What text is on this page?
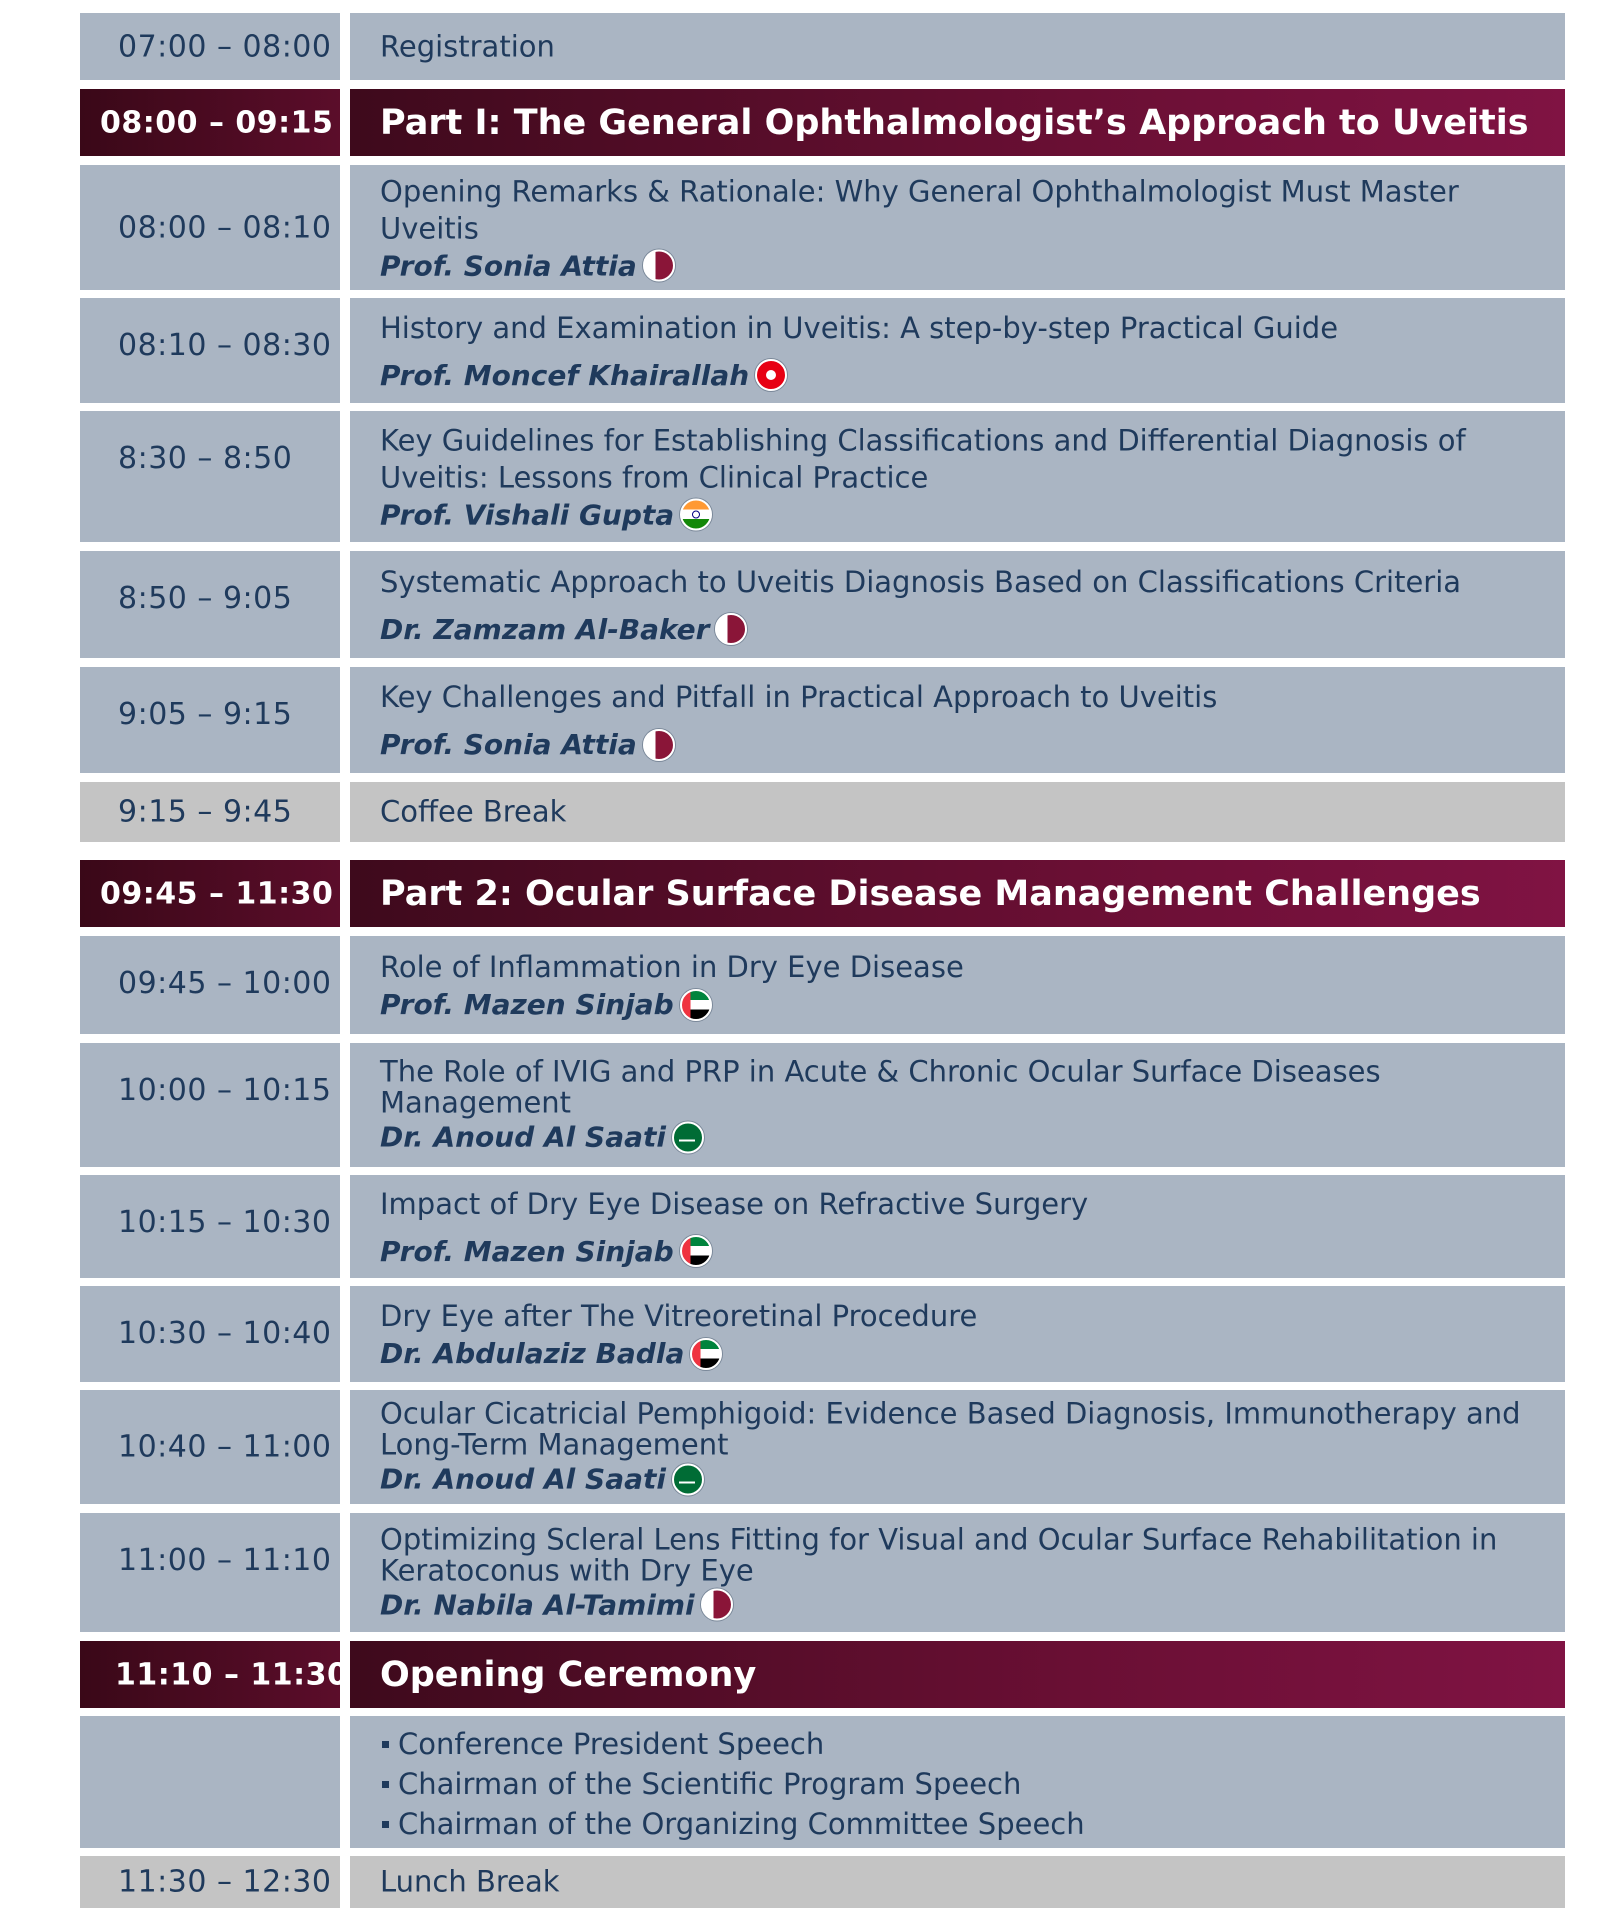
07:00 – 08:00 Registration
08:00 – 09:15 Part I: The General Ophthalmologist’s Approach to Uveitis
08:00 – 08:10
Opening Remarks & Rationale: Why General Ophthalmologist Must Master Uveitis
Prof. Sonia Attia
08:10 – 08:30
History and Examination in Uveitis: A step-by-step Practical Guide
Prof. Moncef Khairallah
8:30 – 8:50
Key Guidelines for Establishing Classifications and Differential Diagnosis of Uveitis: Lessons from Clinical Practice
Prof. Vishali Gupta
8:50 – 9:05	Systematic Approach to Uveitis Diagnosis Based on Classifications Criteria
Dr. Zamzam Al-Baker
9:05 – 9:15	Key Challenges and Pitfall in Practical Approach to Uveitis
Prof. Sonia Attia
9:15 – 9:45	Coffee Break
09:45 – 11:30 Part 2: Ocular Surface Disease Management Challenges
09:45 – 10:00 Role of Inflammation in Dry Eye Disease
Prof. Mazen Sinjab
10:00 – 10:15
The Role of IVIG and PRP in Acute & Chronic Ocular Surface Diseases Management
Dr. Anoud Al Saati
10:15 – 10:30
Impact of Dry Eye Disease on Refractive Surgery
Prof. Mazen Sinjab
10:30 – 10:40 Dry Eye after The Vitreoretinal Procedure
Dr. Abdulaziz Badla
10:40 – 11:00
Ocular Cicatricial Pemphigoid: Evidence Based Diagnosis, Immunotherapy and Long-Term Management
Dr. Anoud Al Saati
11:00 – 11:10
Optimizing Scleral Lens Fitting for Visual and Ocular Surface Rehabilitation in Keratoconus with Dry Eye
Dr. Nabila Al-Tamimi
11:10 – 11:30 Opening Ceremony
Conference President Speech
Chairman of the Scientific Program Speech
Chairman of the Organizing Committee Speech
11:30 – 12:30 Lunch Break
